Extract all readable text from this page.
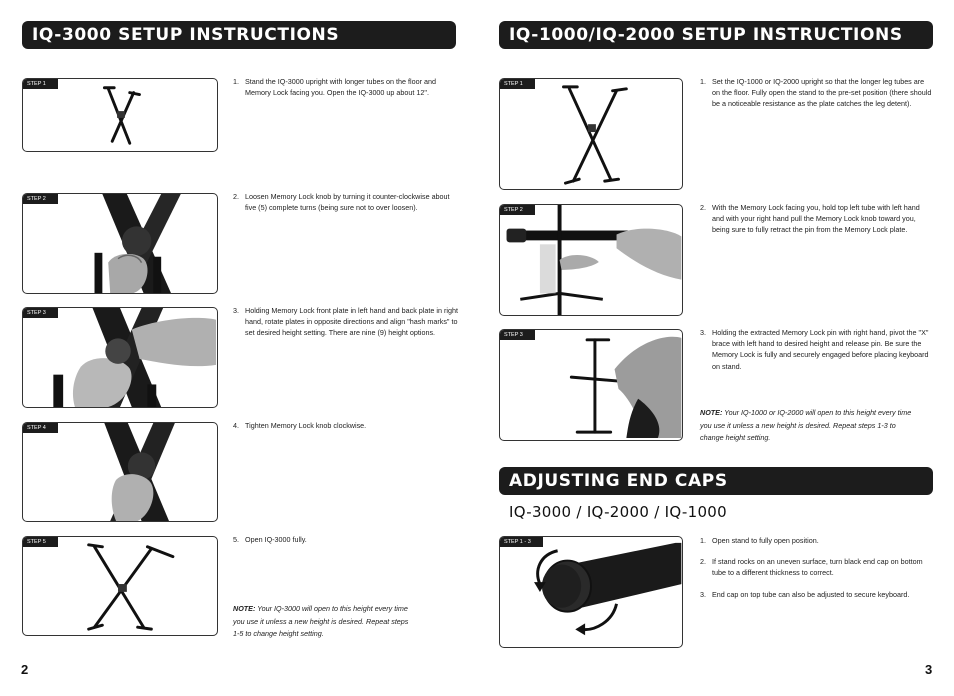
IQ-3000 SETUP INSTRUCTIONS
STEP 1	1. Stand the IQ-3000 upright with longer tubes on the floor and Memory Lock facing you. Open the IQ-3000 up about 12".

STEP 2	2. Loosen Memory Lock knob by turning it counter-clockwise about five (5) complete turns (being sure not to over loosen).

STEP 3	3. Holding Memory Lock front plate in left hand and back plate in right hand, rotate plates in opposite directions and align "hash marks" to set desired height setting. There are nine (9) height options.

STEP 4	4. Tighten Memory Lock knob clockwise.

STEP 5	5. Open IQ-3000 fully.

NOTE: Your IQ-3000 will open to this height every time you use it unless a new height is desired. Repeat steps 1-5 to change height setting.
2
IQ-1000/IQ-2000 SETUP INSTRUCTIONS
STEP 1	1. Set the IQ-1000 or IQ-2000 upright so that the longer leg tubes are on the floor. Fully open the stand to the pre-set position (there should be a noticeable resistance as the plate catches the leg detent).

STEP 2	2. With the Memory Lock facing you, hold top left tube with left hand and with your right hand pull the Memory Lock knob toward you, being sure to fully retract the pin from the Memory Lock plate.

STEP 3	3. Holding the extracted Memory Lock pin with right hand, pivot the "X" brace with left hand to desired height and release pin. Be sure the Memory Lock is fully and securely engaged before placing keyboard on stand.

NOTE: Your IQ-1000 or IQ-2000 will open to this height every time you use it unless a new height is desired. Repeat steps 1-3 to change height setting.
ADJUSTING END CAPS
IQ-3000 / IQ-2000 / IQ-1000
STEP 1 - 3	1. Open stand to fully open position.

2. If stand rocks on an uneven surface, turn black end cap on bottom tube to a different thickness to correct.

3. End cap on top tube can also be adjusted to secure keyboard.

3
